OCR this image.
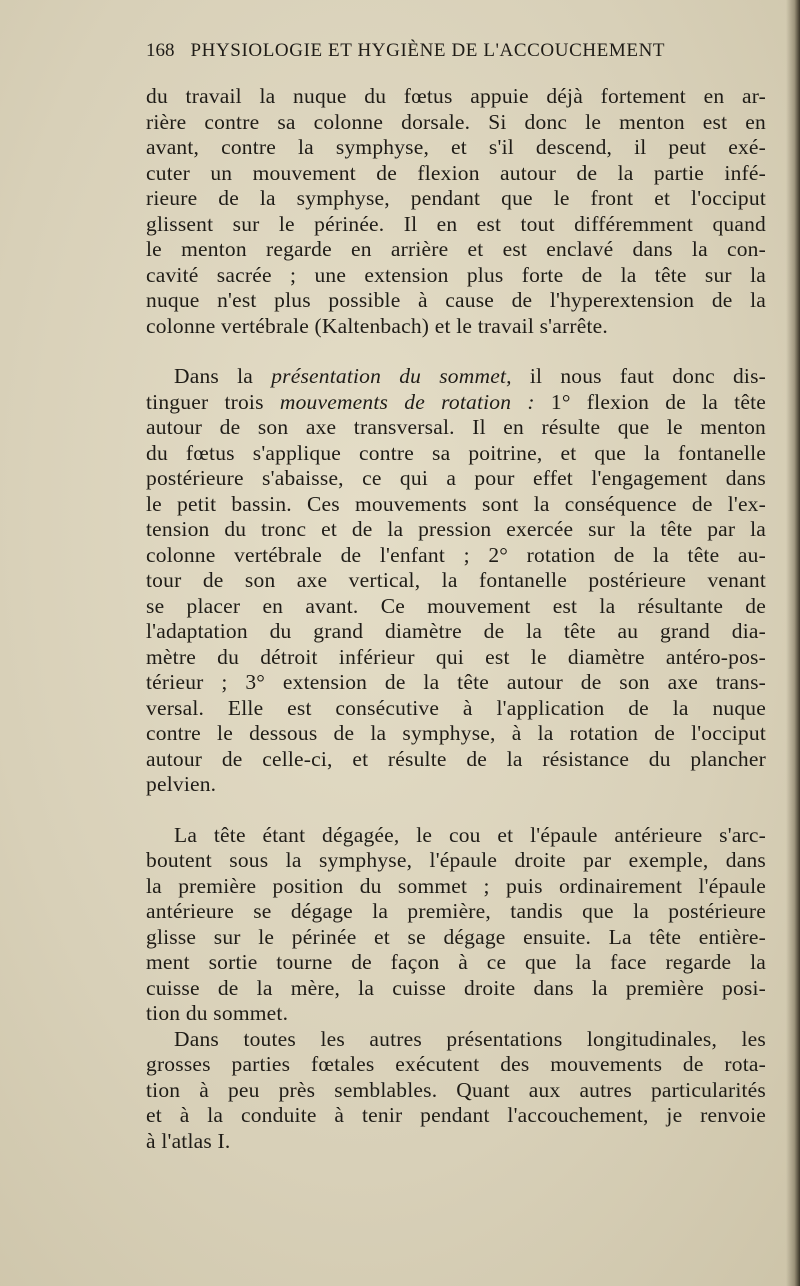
168 PHYSIOLOGIE ET HYGIÈNE DE L'ACCOUCHEMENT
du travail la nuque du fœtus appuie déjà fortement en ar-
rière contre sa colonne dorsale. Si donc le menton est en
avant, contre la symphyse, et s'il descend, il peut exé-
cuter un mouvement de flexion autour de la partie infé-
rieure de la symphyse, pendant que le front et l'occiput
glissent sur le périnée. Il en est tout différemment quand
le menton regarde en arrière et est enclavé dans la con-
cavité sacrée ; une extension plus forte de la tête sur la
nuque n'est plus possible à cause de l'hyperextension de la
colonne vertébrale (Kaltenbach) et le travail s'arrête.
Dans la présentation du sommet, il nous faut donc dis-
tinguer trois mouvements de rotation : 1° flexion de la tête
autour de son axe transversal. Il en résulte que le menton
du fœtus s'applique contre sa poitrine, et que la fontanelle
postérieure s'abaisse, ce qui a pour effet l'engagement dans
le petit bassin. Ces mouvements sont la conséquence de l'ex-
tension du tronc et de la pression exercée sur la tête par la
colonne vertébrale de l'enfant ; 2° rotation de la tête au-
tour de son axe vertical, la fontanelle postérieure venant
se placer en avant. Ce mouvement est la résultante de
l'adaptation du grand diamètre de la tête au grand dia-
mètre du détroit inférieur qui est le diamètre antéro-pos-
térieur ; 3° extension de la tête autour de son axe trans-
versal. Elle est consécutive à l'application de la nuque
contre le dessous de la symphyse, à la rotation de l'occiput
autour de celle-ci, et résulte de la résistance du plancher
pelvien.
La tête étant dégagée, le cou et l'épaule antérieure s'arc-
boutent sous la symphyse, l'épaule droite par exemple, dans
la première position du sommet ; puis ordinairement l'épaule
antérieure se dégage la première, tandis que la postérieure
glisse sur le périnée et se dégage ensuite. La tête entière-
ment sortie tourne de façon à ce que la face regarde la
cuisse de la mère, la cuisse droite dans la première posi-
tion du sommet.
Dans toutes les autres présentations longitudinales, les
grosses parties fœtales exécutent des mouvements de rota-
tion à peu près semblables. Quant aux autres particularités
et à la conduite à tenir pendant l'accouchement, je renvoie
à l'atlas I.
